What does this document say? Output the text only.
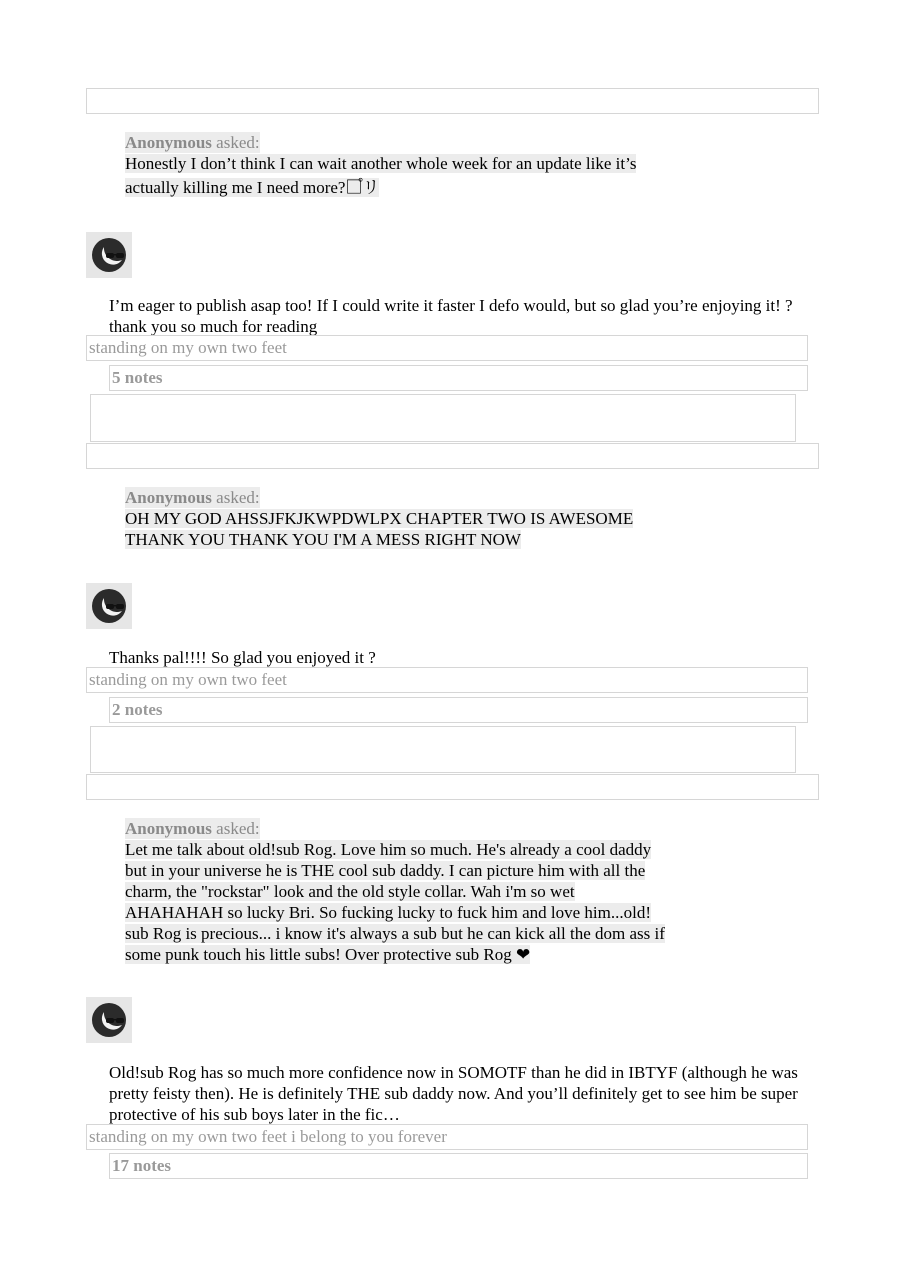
Anonymous asked:
Honestly I don’t think I can wait another whole week for an update like it’s
actually killing me I need more?□゚リ
I’m eager to publish asap too! If I could write it faster I defo would, but so glad you’re enjoying it! ? thank you so much for reading
standing on my own two feet
5 notes
Anonymous asked:
OH MY GOD AHSSJFKJKWPDWLPX CHAPTER TWO IS AWESOME
THANK YOU THANK YOU I'M A MESS RIGHT NOW
Thanks pal!!!! So glad you enjoyed it ?
standing on my own two feet
2 notes
Anonymous asked:
Let me talk about old!sub Rog. Love him so much. He's already a cool daddy
but in your universe he is THE cool sub daddy. I can picture him with all the
charm, the "rockstar" look and the old style collar. Wah i'm so wet
AHAHAHAH so lucky Bri. So fucking lucky to fuck him and love him...old!
sub Rog is precious... i know it's always a sub but he can kick all the dom ass if
some punk touch his little subs! Over protective sub Rog ❤
Old!sub Rog has so much more confidence now in SOMOTF than he did in IBTYF (although he was pretty feisty then). He is definitely THE sub daddy now. And you’ll definitely get to see him be super protective of his sub boys later in the fic…
standing on my own two feet i belong to you forever
17 notes
